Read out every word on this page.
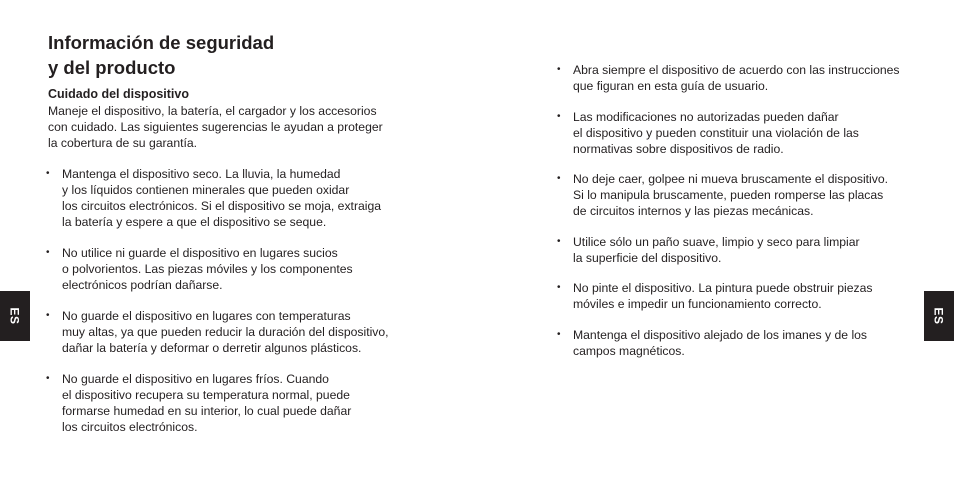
ES	ES
Información de seguridad
y del producto
Cuidado del dispositivo

Maneje el dispositivo, la batería, el cargador y los accesorios
con cuidado. Las siguientes sugerencias le ayudan a proteger
la cobertura de su garantía.

• Mantenga el dispositivo seco. La lluvia, la humedad
y los líquidos contienen minerales que pueden oxidar
los circuitos electrónicos. Si el dispositivo se moja, extraiga
la batería y espere a que el dispositivo se seque.
• No utilice ni guarde el dispositivo en lugares sucios
o polvorientos. Las piezas móviles y los componentes
electrónicos podrían dañarse.
• No guarde el dispositivo en lugares con temperaturas
muy altas, ya que pueden reducir la duración del dispositivo,
dañar la batería y deformar o derretir algunos plásticos.
• No guarde el dispositivo en lugares fríos. Cuando
el dispositivo recupera su temperatura normal, puede
formarse humedad en su interior, lo cual puede dañar
los circuitos electrónicos.
• Abra siempre el dispositivo de acuerdo con las instrucciones
que figuran en esta guía de usuario.
• Las modificaciones no autorizadas pueden dañar
el dispositivo y pueden constituir una violación de las
normativas sobre dispositivos de radio.
• No deje caer, golpee ni mueva bruscamente el dispositivo.
Si lo manipula bruscamente, pueden romperse las placas
de circuitos internos y las piezas mecánicas.
• Utilice sólo un paño suave, limpio y seco para limpiar
la superficie del dispositivo.
• No pinte el dispositivo. La pintura puede obstruir piezas
móviles e impedir un funcionamiento correcto.
• Mantenga el dispositivo alejado de los imanes y de los
campos magnéticos.
